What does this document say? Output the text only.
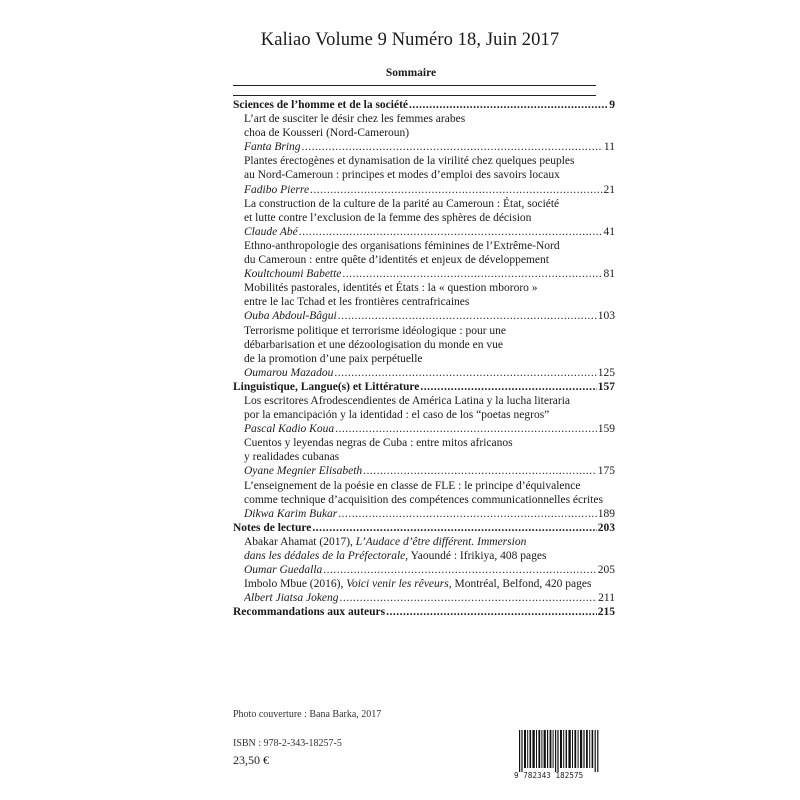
Kaliao Volume 9 Numéro 18, Juin 2017
Sommaire
Sciences de l’homme et de la société .....	9
L’art de susciter le désir chez les femmes arabes
choa de Kousseri (Nord-Cameroun)
Fanta Bring .....	11
Plantes érectogènes et dynamisation de la virilité chez quelques peuples
au Nord-Cameroun : principes et modes d’emploi des savoirs locaux
Fadibo Pierre .....	21
La construction de la culture de la parité au Cameroun : État, société
et lutte contre l’exclusion de la femme des sphères de décision
Claude Abé .....	41
Ethno-anthropologie des organisations féminines de l’Extrême-Nord
du Cameroun : entre quête d’identités et enjeux de développement
Koultchoumi Babette .....	81
Mobilités pastorales, identités et États : la « question mbororo »
entre le lac Tchad et les frontières centrafricaines
Ouba Abdoul-Bâgui .....	103
Terrorisme politique et terrorisme idéologique : pour une
débarbarisation et une dézoologisation du monde en vue
de la promotion d’une paix perpétuelle
Oumarou Mazadou .....	125
Linguistique, Langue(s) et Littérature .....	157
Los escritores Afrodescendientes de América Latina y la lucha literaria
por la emancipación y la identidad : el caso de los “poetas negros”
Pascal Kadio Koua .....	159
Cuentos y leyendas negras de Cuba : entre mitos africanos
y realidades cubanas
Oyane Megnier Elisabeth .....	175
L’enseignement de la poésie en classe de FLE : le principe d’équivalence
comme technique d’acquisition des compétences communicationnelles écrites
Dikwa Karim Bukar .....	189
Notes de lecture .....	203
Abakar Ahamat (2017), L’Audace d’être différent. Immersion
dans les dédales de la Préfectorale, Yaoundé : Ifrikiya, 408 pages
Oumar Guedalla .....	205
Imbolo Mbue (2016), Voici venir les rêveurs, Montréal, Belfond, 420 pages
Albert Jiatsa Jokeng .....	211
Recommandations aux auteurs .....	215
Photo couverture : Bana Barka, 2017
ISBN : 978-2-343-18257-5
23,50 €
9 782343 182575
